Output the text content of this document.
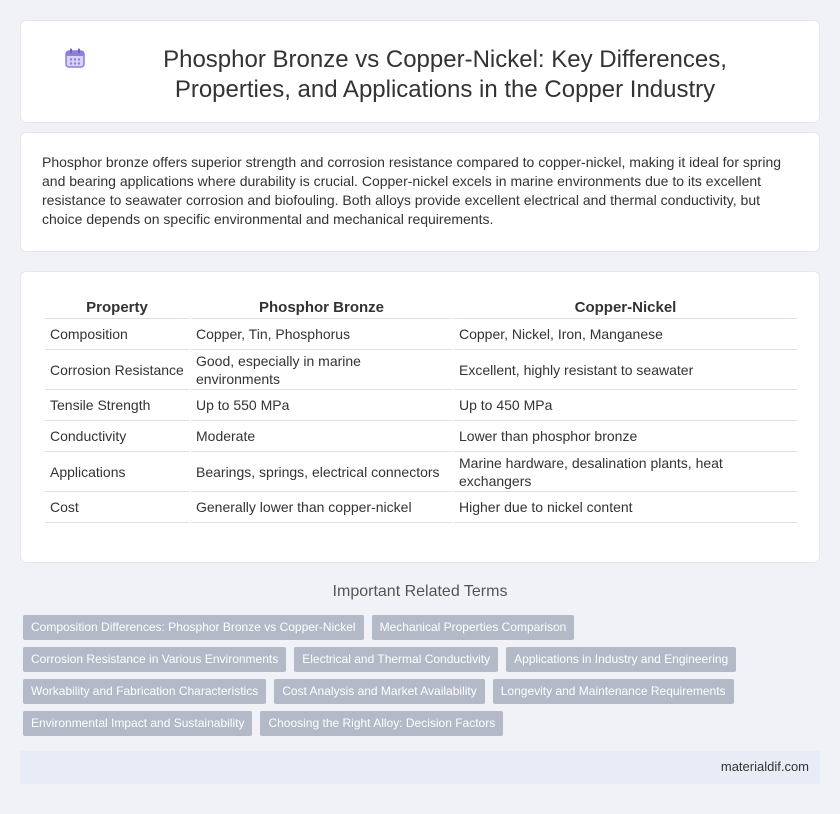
Phosphor Bronze vs Copper-Nickel: Key Differences, Properties, and Applications in the Copper Industry

Phosphor bronze offers superior strength and corrosion resistance compared to copper-nickel, making it ideal for spring and bearing applications where durability is crucial. Copper-nickel excels in marine environments due to its excellent resistance to seawater corrosion and biofouling. Both alloys provide excellent electrical and thermal conductivity, but choice depends on specific environmental and mechanical requirements.

Property	Phosphor Bronze	Copper-Nickel
Composition	Copper, Tin, Phosphorus	Copper, Nickel, Iron, Manganese
Corrosion Resistance	Good, especially in marine environments	Excellent, highly resistant to seawater
Tensile Strength	Up to 550 MPa	Up to 450 MPa
Conductivity	Moderate	Lower than phosphor bronze
Applications	Bearings, springs, electrical connectors	Marine hardware, desalination plants, heat exchangers
Cost	Generally lower than copper-nickel	Higher due to nickel content
Important Related Terms
Composition Differences: Phosphor Bronze vs Copper-Nickel	Mechanical Properties Comparison
Corrosion Resistance in Various Environments	Electrical and Thermal Conductivity	Applications in Industry and Engineering
Workability and Fabrication Characteristics	Cost Analysis and Market Availability	Longevity and Maintenance Requirements
Environmental Impact and Sustainability	Choosing the Right Alloy: Decision Factors
materialdif.com
